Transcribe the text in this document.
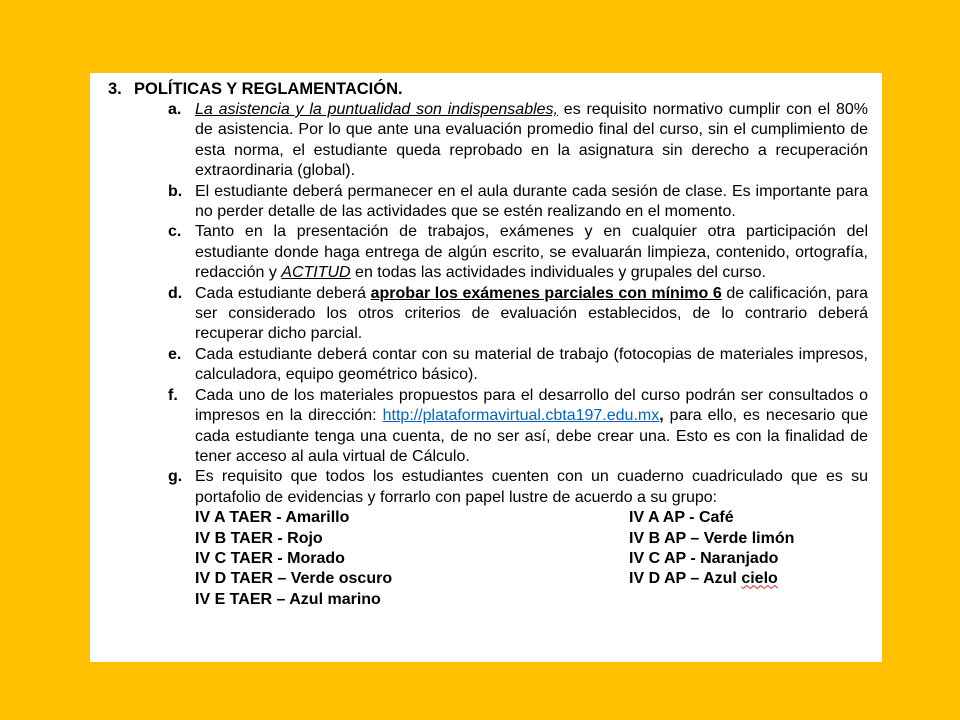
3. POLÍTICAS Y REGLAMENTACIÓN.
a. La asistencia y la puntualidad son indispensables, es requisito normativo cumplir con el 80% de asistencia. Por lo que ante una evaluación promedio final del curso, sin el cumplimiento de esta norma, el estudiante queda reprobado en la asignatura sin derecho a recuperación extraordinaria (global).
b. El estudiante deberá permanecer en el aula durante cada sesión de clase. Es importante para no perder detalle de las actividades que se estén realizando en el momento.
c. Tanto en la presentación de trabajos, exámenes y en cualquier otra participación del estudiante donde haga entrega de algún escrito, se evaluarán limpieza, contenido, ortografía, redacción y ACTITUD en todas las actividades individuales y grupales del curso.
d. Cada estudiante deberá aprobar los exámenes parciales con mínimo 6 de calificación, para ser considerado los otros criterios de evaluación establecidos, de lo contrario deberá recuperar dicho parcial.
e. Cada estudiante deberá contar con su material de trabajo (fotocopias de materiales impresos, calculadora, equipo geométrico básico).
f. Cada uno de los materiales propuestos para el desarrollo del curso podrán ser consultados o impresos en la dirección: http://plataformavirtual.cbta197.edu.mx, para ello, es necesario que cada estudiante tenga una cuenta, de no ser así, debe crear una. Esto es con la finalidad de tener acceso al aula virtual de Cálculo.
g. Es requisito que todos los estudiantes cuenten con un cuaderno cuadriculado que es su portafolio de evidencias y forrarlo con papel lustre de acuerdo a su grupo:
IV A TAER - Amarillo
IV B TAER - Rojo
IV C TAER - Morado
IV D TAER – Verde oscuro
IV E TAER – Azul marino
IV A AP - Café
IV B AP – Verde limón
IV C AP - Naranjado
IV D AP – Azul cielo
